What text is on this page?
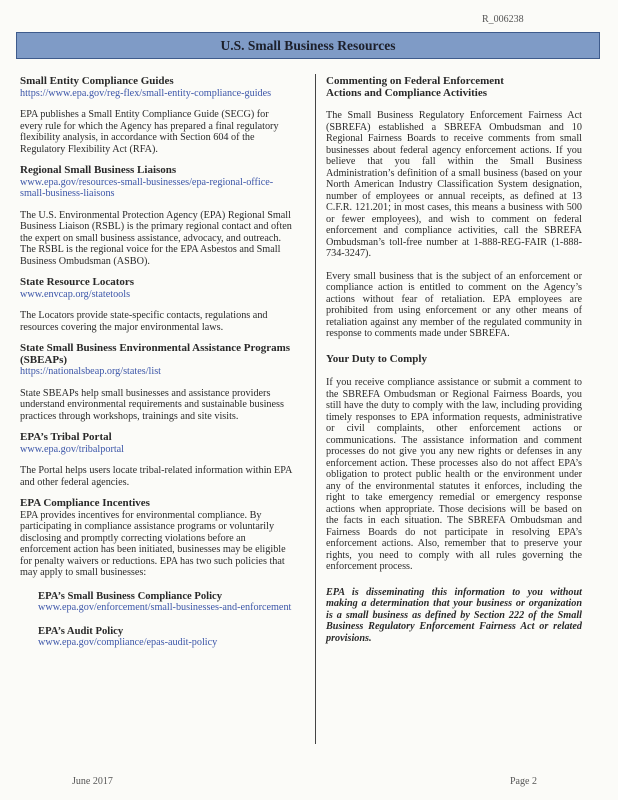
R_006238
U.S. Small Business Resources

Small Entity Compliance Guides

https://www.epa.gov/reg-flex/small-entity-compliance-guides

EPA publishes a Small Entity Compliance Guide (SECG) for every rule for which the Agency has prepared a final regulatory flexibility analysis, in accordance with Section 604 of the Regulatory Flexibility Act (RFA).

Regional Small Business Liaisons

www.epa.gov/resources-small-businesses/epa-regional-office-small-business-liaisons

The U.S. Environmental Protection Agency (EPA) Regional Small Business Liaison (RSBL) is the primary regional contact and often the expert on small business assistance, advocacy, and outreach. The RSBL is the regional voice for the EPA Asbestos and Small Business Ombudsman (ASBO).

State Resource Locators

www.envcap.org/statetools

The Locators provide state-specific contacts, regulations and resources covering the major environmental laws.

State Small Business Environmental Assistance Programs (SBEAPs)

https://nationalsbeap.org/states/list

State SBEAPs help small businesses and assistance providers understand environmental requirements and sustainable business practices through workshops, trainings and site visits.

EPA’s Tribal Portal

www.epa.gov/tribalportal

The Portal helps users locate tribal-related information within EPA and other federal agencies.

EPA Compliance Incentives

EPA provides incentives for environmental compliance. By participating in compliance assistance programs or voluntarily disclosing and promptly correcting violations before an enforcement action has been initiated, businesses may be eligible for penalty waivers or reductions. EPA has two such policies that may apply to small businesses:

EPA’s Small Business Compliance Policy

www.epa.gov/enforcement/small-businesses-and-enforcement

EPA’s Audit Policy

www.epa.gov/compliance/epas-audit-policy

Commenting on Federal Enforcement

Actions and Compliance Activities

The Small Business Regulatory Enforcement Fairness Act (SBREFA) established a SBREFA Ombudsman and 10 Regional Fairness Boards to receive comments from small businesses about federal agency enforcement actions. If you believe that you fall within the Small Business Administration’s definition of a small business (based on your North American Industry Classification System designation, number of employees or annual receipts, as defined at 13 C.F.R. 121.201; in most cases, this means a business with 500 or fewer employees), and wish to comment on federal enforcement and compliance activities, call the SBREFA Ombudsman’s toll-free number at 1-888-REG-FAIR (1-888-734-3247).

Every small business that is the subject of an enforcement or compliance action is entitled to comment on the Agency’s actions without fear of retaliation. EPA employees are prohibited from using enforcement or any other means of retaliation against any member of the regulated community in response to comments made under SBREFA.

Your Duty to Comply

If you receive compliance assistance or submit a comment to the SBREFA Ombudsman or Regional Fairness Boards, you still have the duty to comply with the law, including providing timely responses to EPA information requests, administrative or civil complaints, other enforcement actions or communications. The assistance information and comment processes do not give you any new rights or defenses in any enforcement action. These processes also do not affect EPA’s obligation to protect public health or the environment under any of the environmental statutes it enforces, including the right to take emergency remedial or emergency response actions when appropriate. Those decisions will be based on the facts in each situation. The SBREFA Ombudsman and Fairness Boards do not participate in resolving EPA’s enforcement actions. Also, remember that to preserve your rights, you need to comply with all rules governing the enforcement process.

EPA is disseminating this information to you without making a determination that your business or organization is a small business as defined by Section 222 of the Small Business Regulatory Enforcement Fairness Act or related provisions.

June 2017	Page 2
